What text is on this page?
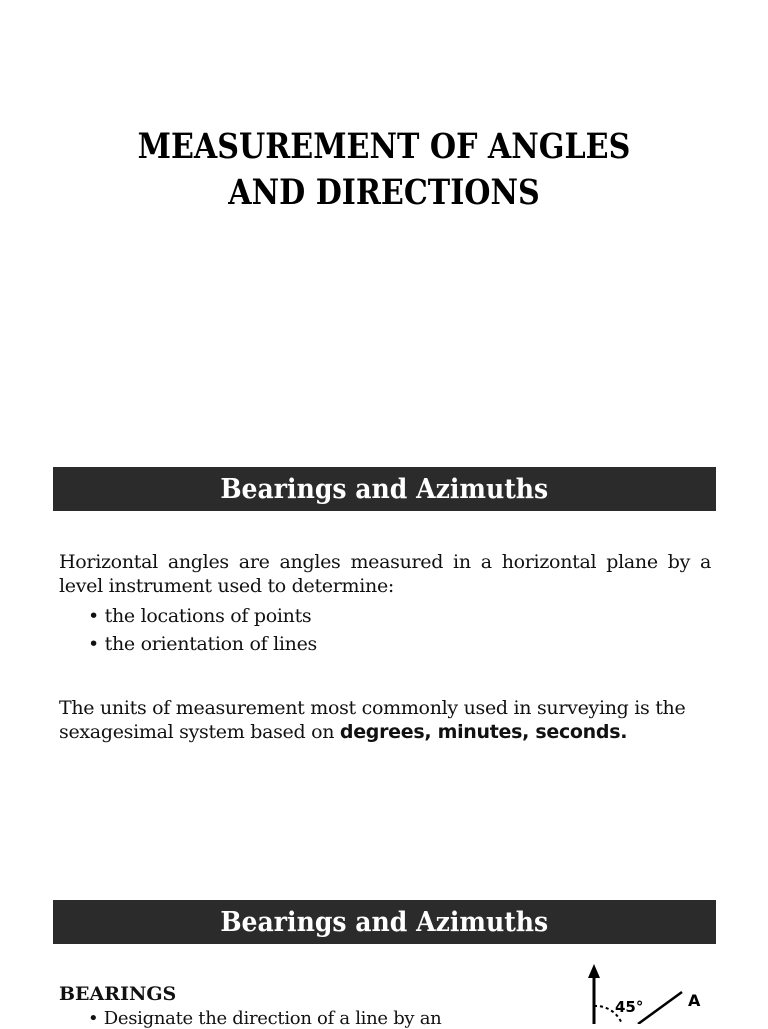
MEASUREMENT OF ANGLES
AND DIRECTIONS
Bearings and Azimuths
Horizontal angles are angles measured in a horizontal plane by a level instrument used to determine:
• the locations of points
• the orientation of lines
The units of measurement most commonly used in surveying is the sexagesimal system based on degrees, minutes, seconds.
Bearings and Azimuths
BEARINGS
• Designate the direction of a line by an
45°	A
